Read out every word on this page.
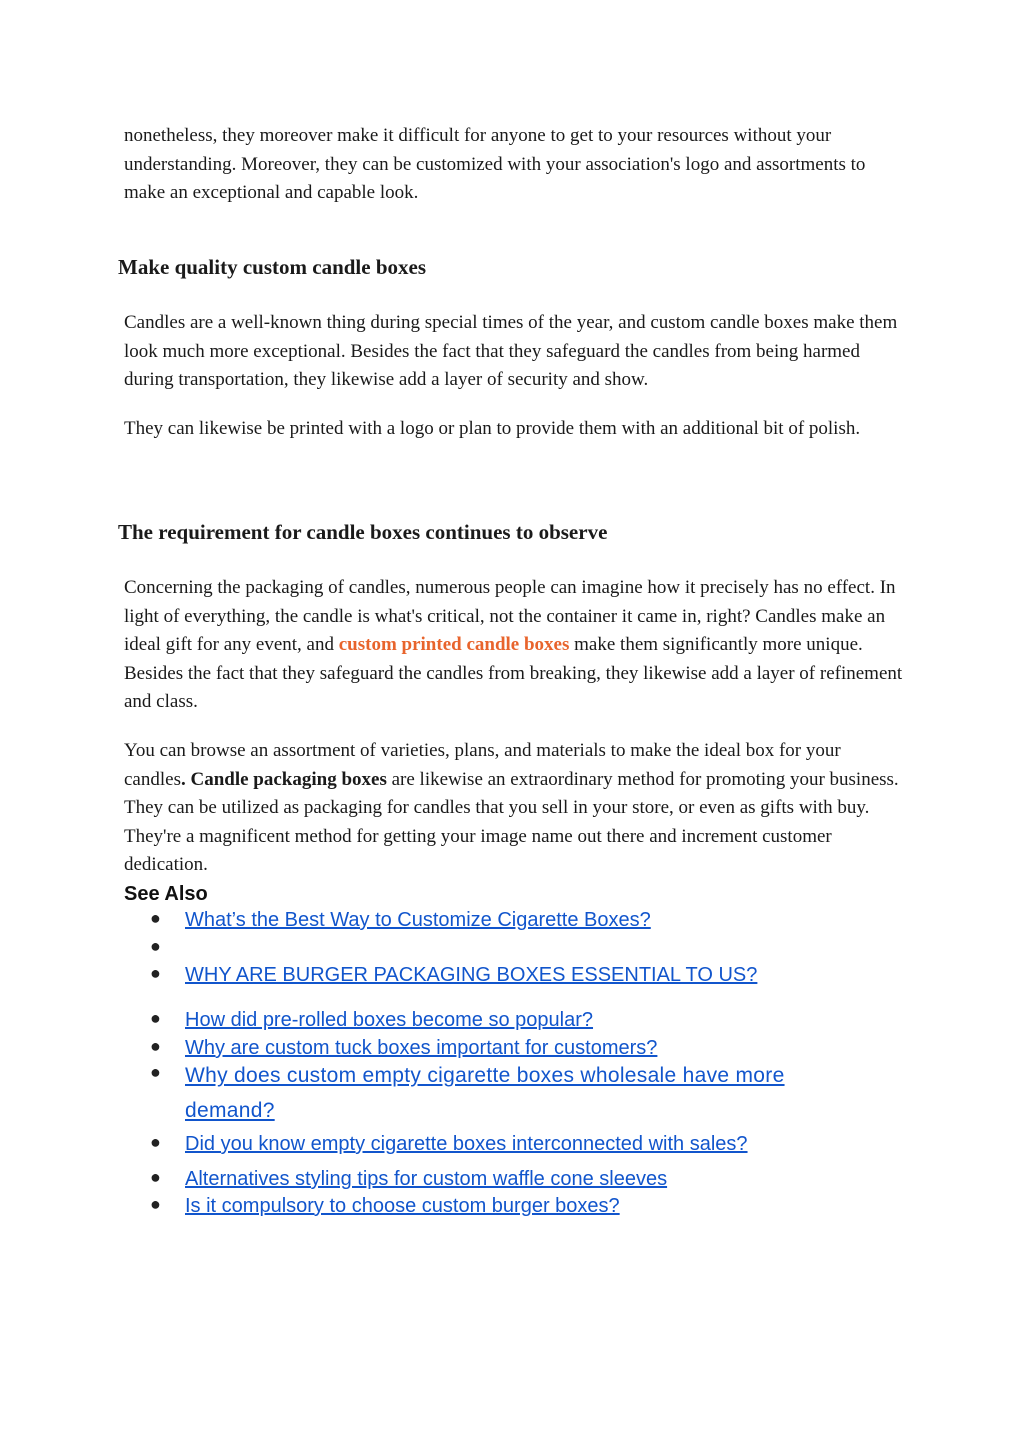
nonetheless, they moreover make it difficult for anyone to get to your resources without your understanding. Moreover, they can be customized with your association's logo and assortments to make an exceptional and capable look.

Make quality custom candle boxes

Candles are a well-known thing during special times of the year, and custom candle boxes make them look much more exceptional. Besides the fact that they safeguard the candles from being harmed during transportation, they likewise add a layer of security and show.

They can likewise be printed with a logo or plan to provide them with an additional bit of polish.

The requirement for candle boxes continues to observe

Concerning the packaging of candles, numerous people can imagine how it precisely has no effect. In light of everything, the candle is what's critical, not the container it came in, right? Candles make an ideal gift for any event, and custom printed candle boxes make them significantly more unique. Besides the fact that they safeguard the candles from breaking, they likewise add a layer of refinement and class.

You can browse an assortment of varieties, plans, and materials to make the ideal box for your candles. Candle packaging boxes are likewise an extraordinary method for promoting your business. They can be utilized as packaging for candles that you sell in your store, or even as gifts with buy. They're a magnificent method for getting your image name out there and increment customer dedication.

See Also
● What’s the Best Way to Customize Cigarette Boxes?
●
● WHY ARE BURGER PACKAGING BOXES ESSENTIAL TO US?
● How did pre-rolled boxes become so popular?
● Why are custom tuck boxes important for customers?
● Why does custom empty cigarette boxes wholesale have more demand?
● Did you know empty cigarette boxes interconnected with sales?
● Alternatives styling tips for custom waffle cone sleeves
● Is it compulsory to choose custom burger boxes?
